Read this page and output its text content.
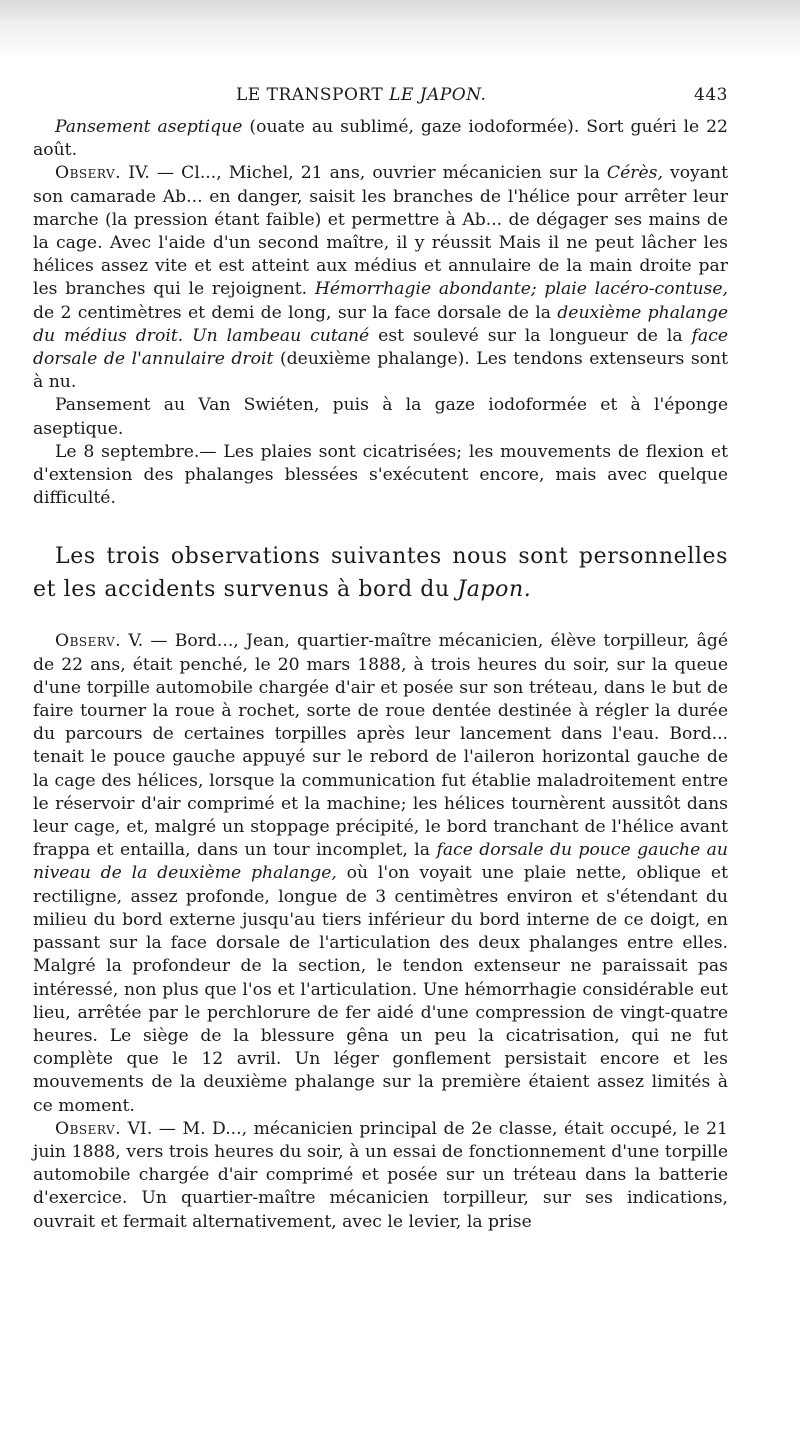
LE TRANSPORT LE JAPON.	443

Pansement aseptique (ouate au sublimé, gaze iodoformée). Sort guéri le 22 août.

Observ. IV. — Cl..., Michel, 21 ans, ouvrier mécanicien sur la Cérès, voyant son camarade Ab... en danger, saisit les branches de l'hélice pour arrêter leur marche (la pression étant faible) et permettre à Ab... de dégager ses mains de la cage. Avec l'aide d'un second maître, il y réussit Mais il ne peut lâcher les hélices assez vite et est atteint aux médius et annulaire de la main droite par les branches qui le rejoignent. Hémorrhagie abondante; plaie lacéro-contuse, de 2 centimètres et demi de long, sur la face dorsale de la deuxième phalange du médius droit. Un lambeau cutané est soulevé sur la longueur de la face dorsale de l'annulaire droit (deuxième phalange). Les tendons extenseurs sont à nu.

Pansement au Van Swiéten, puis à la gaze iodoformée et à l'éponge aseptique.

Le 8 septembre.— Les plaies sont cicatrisées; les mouvements de flexion et d'extension des phalanges blessées s'exécutent encore, mais avec quelque difficulté.

Les trois observations suivantes nous sont personnelles et les accidents survenus à bord du Japon.

Observ. V. — Bord..., Jean, quartier-maître mécanicien, élève torpilleur, âgé de 22 ans, était penché, le 20 mars 1888, à trois heures du soir, sur la queue d'une torpille automobile chargée d'air et posée sur son tréteau, dans le but de faire tourner la roue à rochet, sorte de roue dentée destinée à régler la durée du parcours de certaines torpilles après leur lancement dans l'eau. Bord... tenait le pouce gauche appuyé sur le rebord de l'aileron horizontal gauche de la cage des hélices, lorsque la communication fut établie maladroitement entre le réservoir d'air comprimé et la machine; les hélices tournèrent aussitôt dans leur cage, et, malgré un stoppage précipité, le bord tranchant de l'hélice avant frappa et entailla, dans un tour incomplet, la face dorsale du pouce gauche au niveau de la deuxième phalange, où l'on voyait une plaie nette, oblique et rectiligne, assez profonde, longue de 3 centimètres environ et s'étendant du milieu du bord externe jusqu'au tiers inférieur du bord interne de ce doigt, en passant sur la face dorsale de l'articulation des deux phalanges entre elles. Malgré la profondeur de la section, le tendon extenseur ne paraissait pas intéressé, non plus que l'os et l'articulation. Une hémorrhagie considérable eut lieu, arrêtée par le perchlorure de fer aidé d'une compression de vingt-quatre heures. Le siège de la blessure gêna un peu la cicatrisation, qui ne fut complète que le 12 avril. Un léger gonflement persistait encore et les mouvements de la deuxième phalange sur la première étaient assez limités à ce moment.

Observ. VI. — M. D..., mécanicien principal de 2e classe, était occupé, le 21 juin 1888, vers trois heures du soir, à un essai de fonctionnement d'une torpille automobile chargée d'air comprimé et posée sur un tréteau dans la batterie d'exercice. Un quartier-maître mécanicien torpilleur, sur ses indications, ouvrait et fermait alternativement, avec le levier, la prise
